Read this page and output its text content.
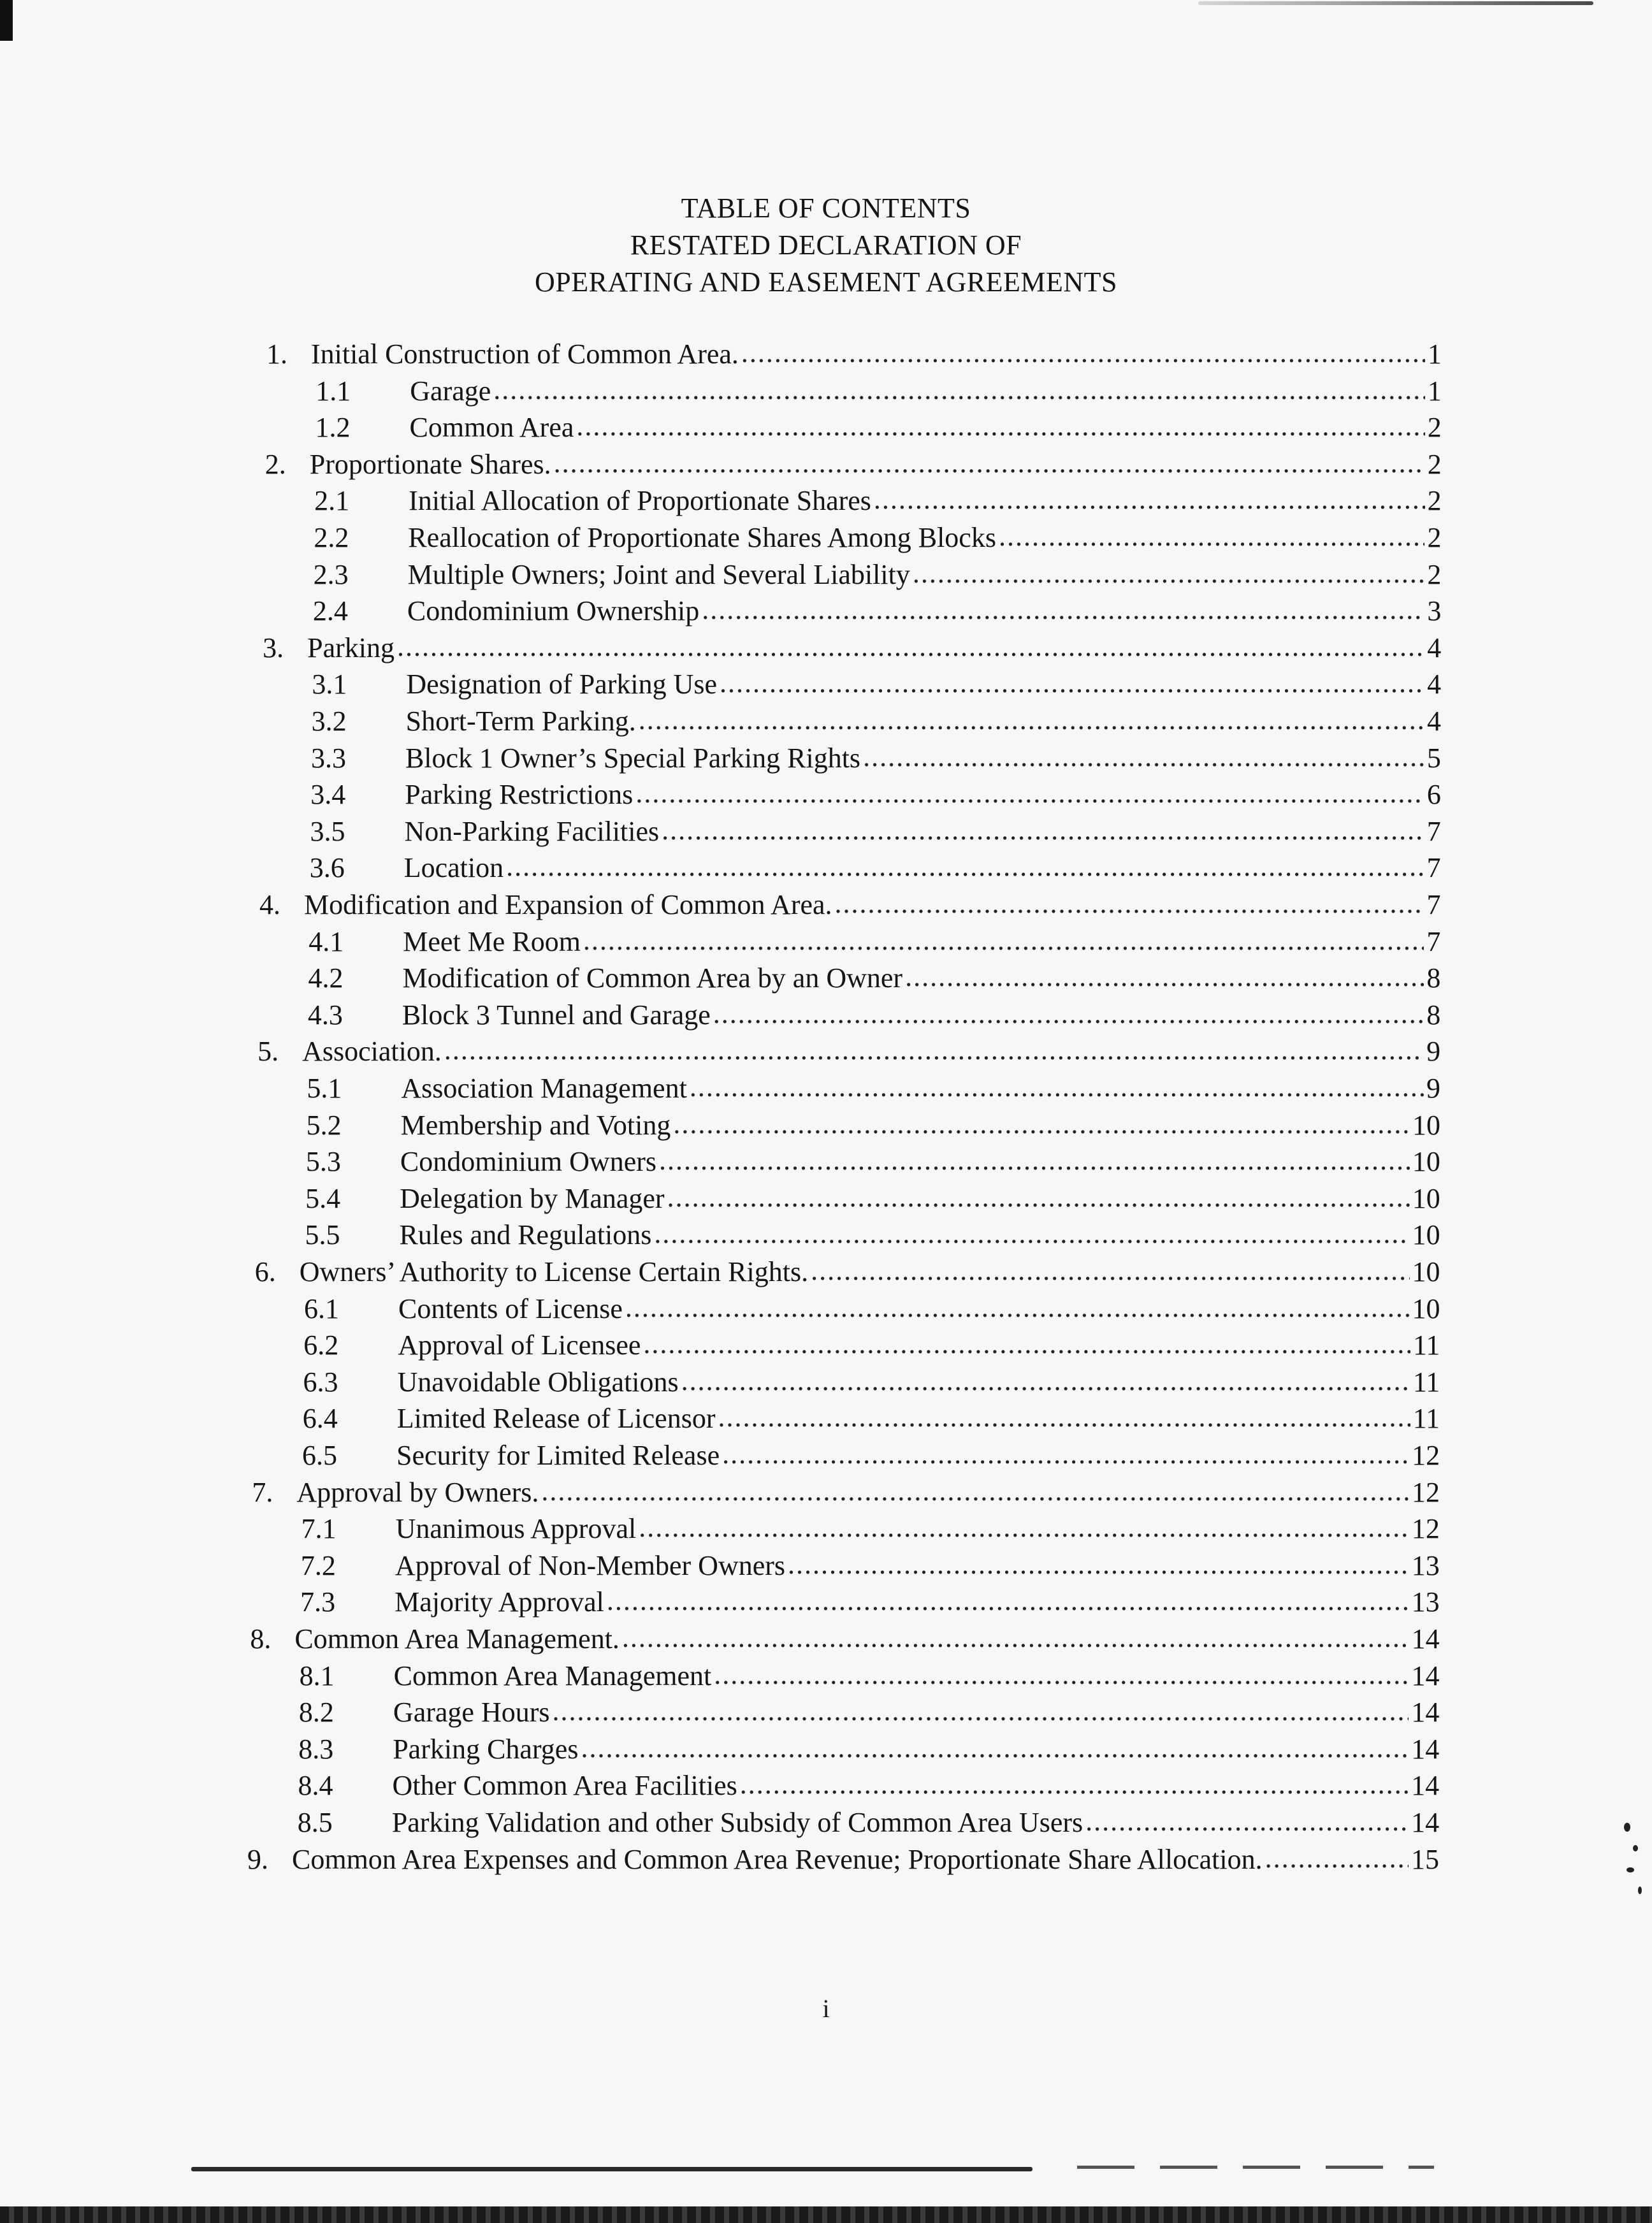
TABLE OF CONTENTS
RESTATED DECLARATION OF
OPERATING AND EASEMENT AGREEMENTS
1. Initial Construction of Common Area. .....	1
1.1	Garage .....	1
1.2	Common Area .....	2
2. Proportionate Shares. .....	2
2.1	Initial Allocation of Proportionate Shares .....	2
2.2	Reallocation of Proportionate Shares Among Blocks .....	2
2.3	Multiple Owners; Joint and Several Liability .....	2
2.4	Condominium Ownership .....	3
3. Parking .....	4
3.1	Designation of Parking Use .....	4
3.2	Short-Term Parking. .....	4
3.3	Block 1 Owner’s Special Parking Rights .....	5
3.4	Parking Restrictions .....	6
3.5	Non-Parking Facilities .....	7
3.6	Location .....	7
4. Modification and Expansion of Common Area. .....	7
4.1	Meet Me Room .....	7
4.2	Modification of Common Area by an Owner .....	8
4.3	Block 3 Tunnel and Garage .....	8
5. Association. .....	9
5.1	Association Management .....	9
5.2	Membership and Voting .....	10
5.3	Condominium Owners .....	10
5.4	Delegation by Manager .....	10
5.5	Rules and Regulations .....	10
6. Owners’ Authority to License Certain Rights. .....	10
6.1	Contents of License .....	10
6.2	Approval of Licensee .....	11
6.3	Unavoidable Obligations .....	11
6.4	Limited Release of Licensor .....	11
6.5	Security for Limited Release .....	12
7. Approval by Owners. .....	12
7.1	Unanimous Approval .....	12
7.2	Approval of Non-Member Owners .....	13
7.3	Majority Approval .....	13
8. Common Area Management. .....	14
8.1	Common Area Management .....	14
8.2	Garage Hours .....	14
8.3	Parking Charges .....	14
8.4	Other Common Area Facilities .....	14
8.5	Parking Validation and other Subsidy of Common Area Users .....	14
9. Common Area Expenses and Common Area Revenue; Proportionate Share Allocation. .....	15
i
